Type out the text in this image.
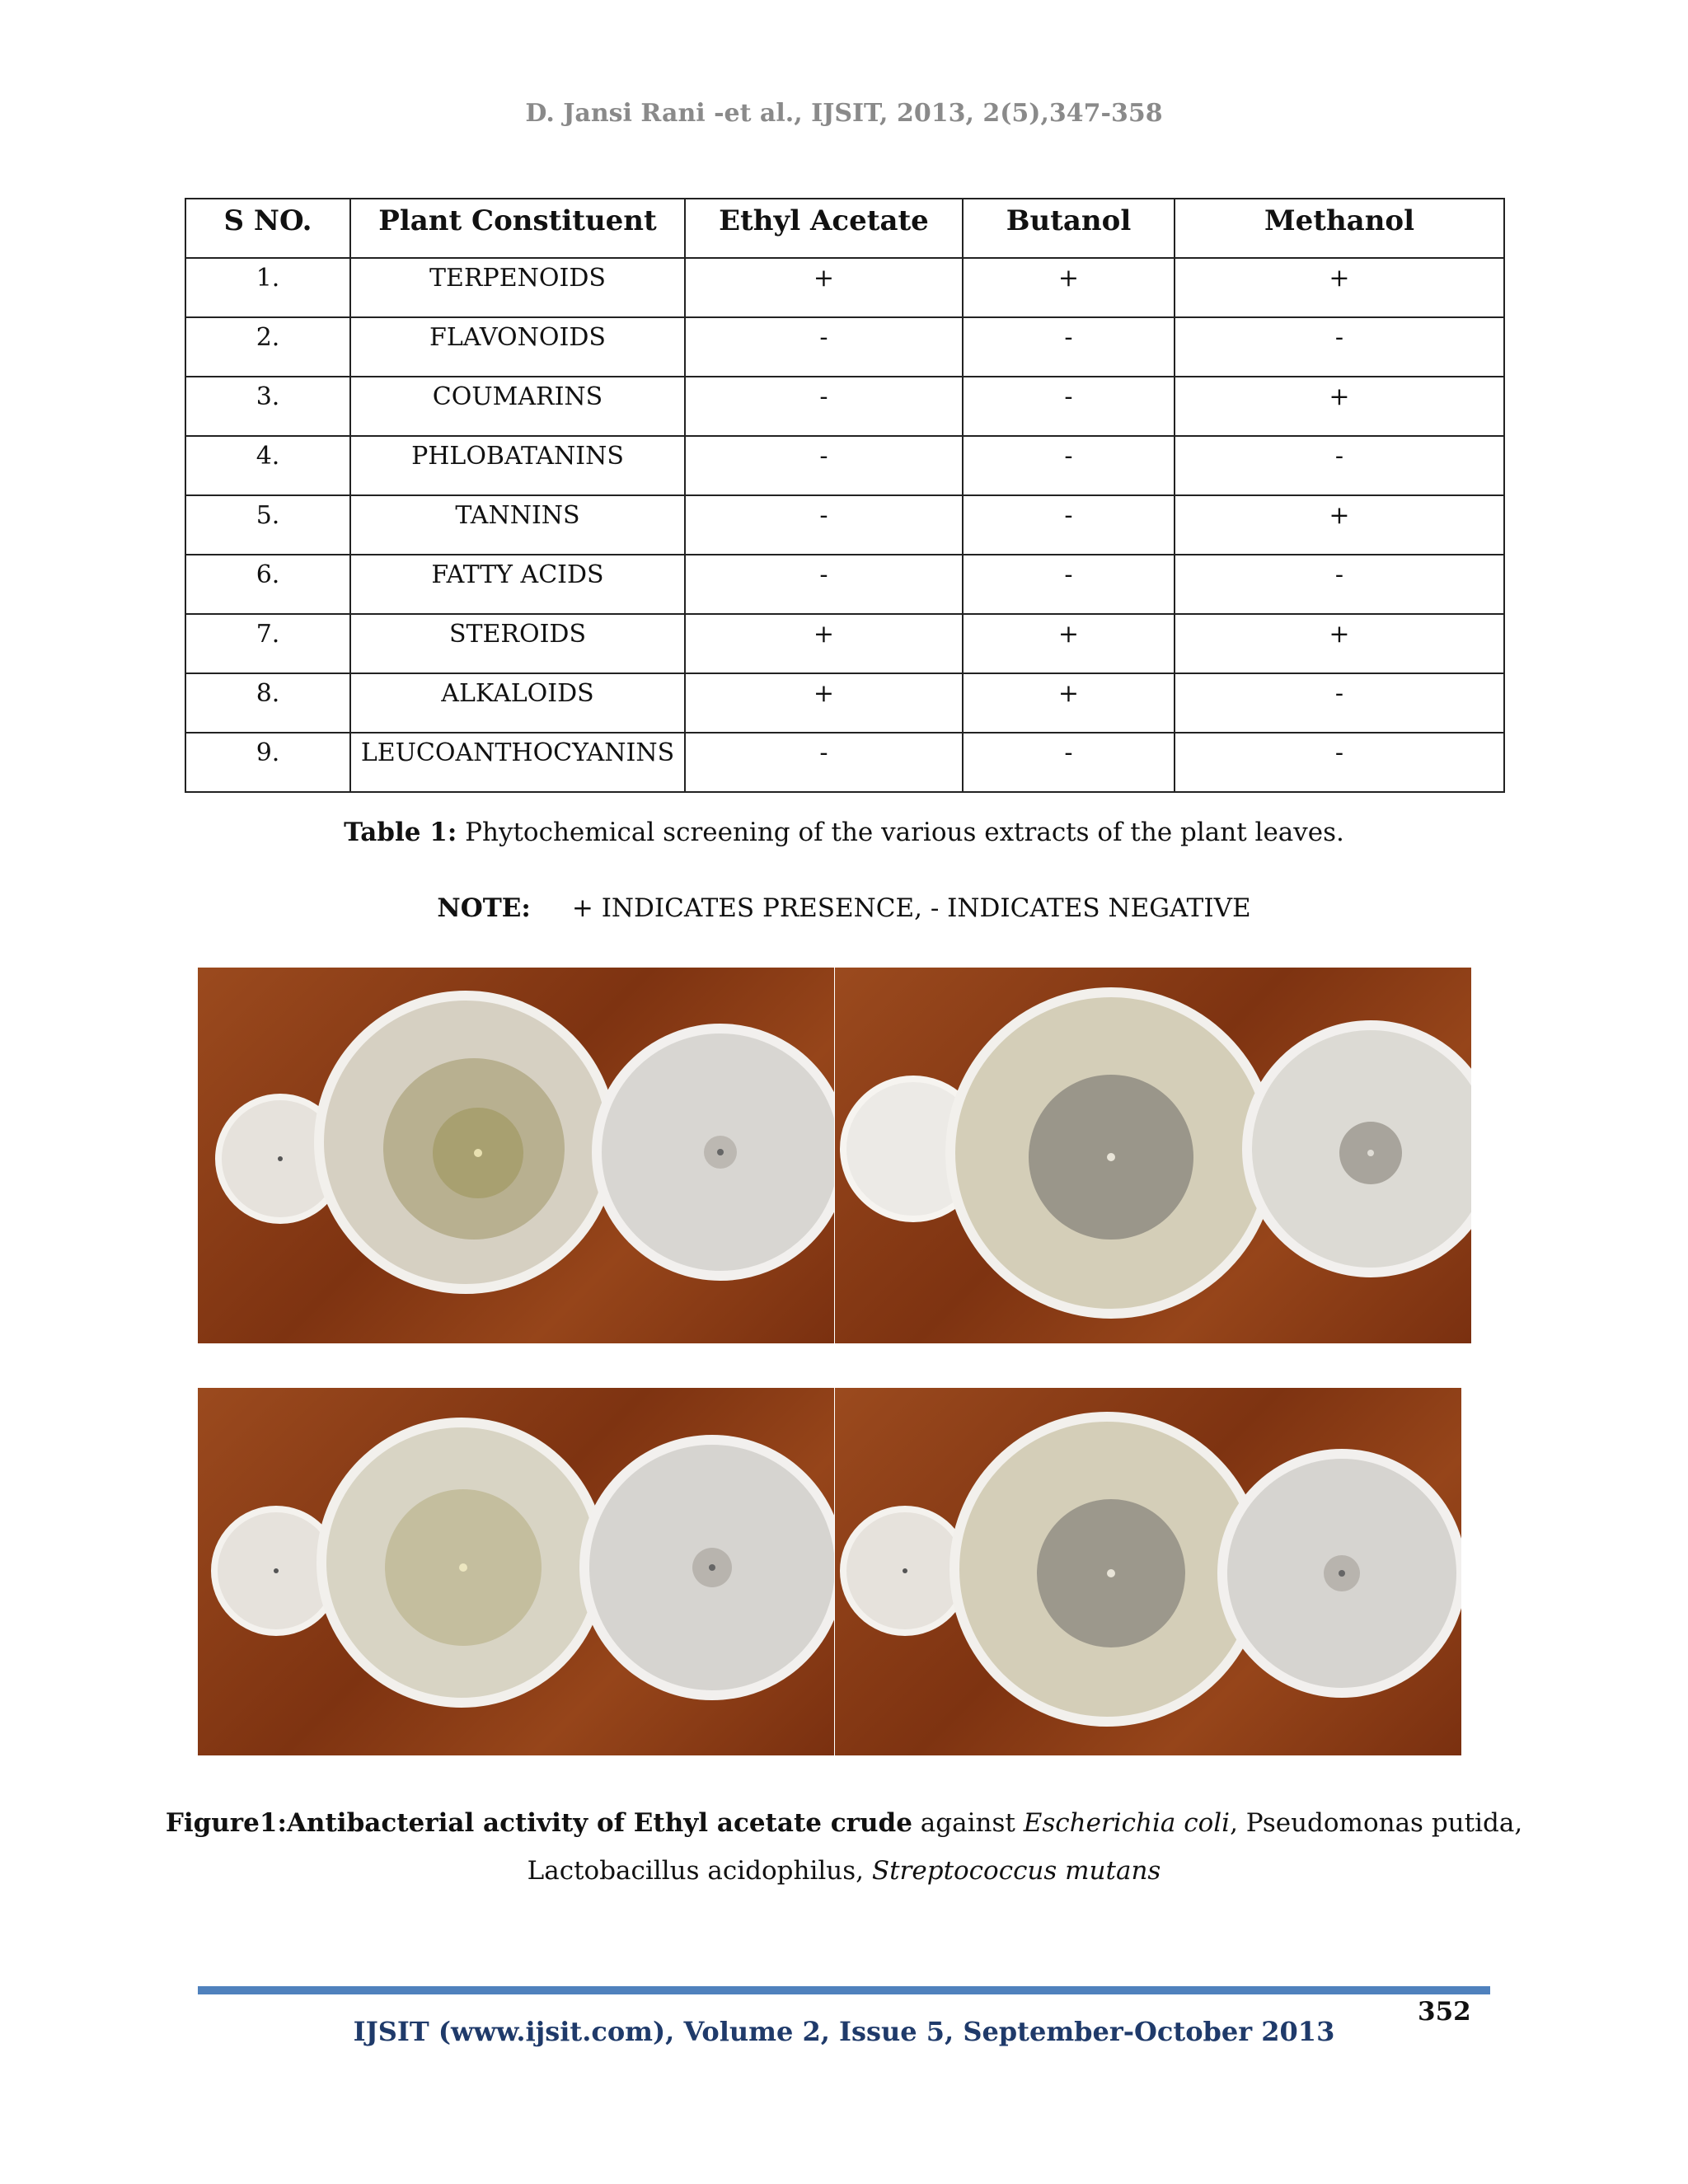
D. Jansi Rani -et al., IJSIT, 2013, 2(5),347-358
S NO.	Plant Constituent	Ethyl Acetate	Butanol	Methanol
1.	TERPENOIDS	+	+	+
2.	FLAVONOIDS	-	-	-
3.	COUMARINS	-	-	+
4.	PHLOBATANINS	-	-	-
5.	TANNINS	-	-	+
6.	FATTY ACIDS	-	-	-
7.	STEROIDS	+	+	+
8.	ALKALOIDS	+	+	-
9.	LEUCOANTHOCYANINS	-	-	-
Table 1: Phytochemical screening of the various extracts of the plant leaves.
NOTE: + INDICATES PRESENCE, - INDICATES NEGATIVE
Figure1:Antibacterial activity of Ethyl acetate crude against Escherichia coli, Pseudomonas putida,
Lactobacillus acidophilus, Streptococcus mutans
352
IJSIT (www.ijsit.com), Volume 2, Issue 5, September-October 2013
